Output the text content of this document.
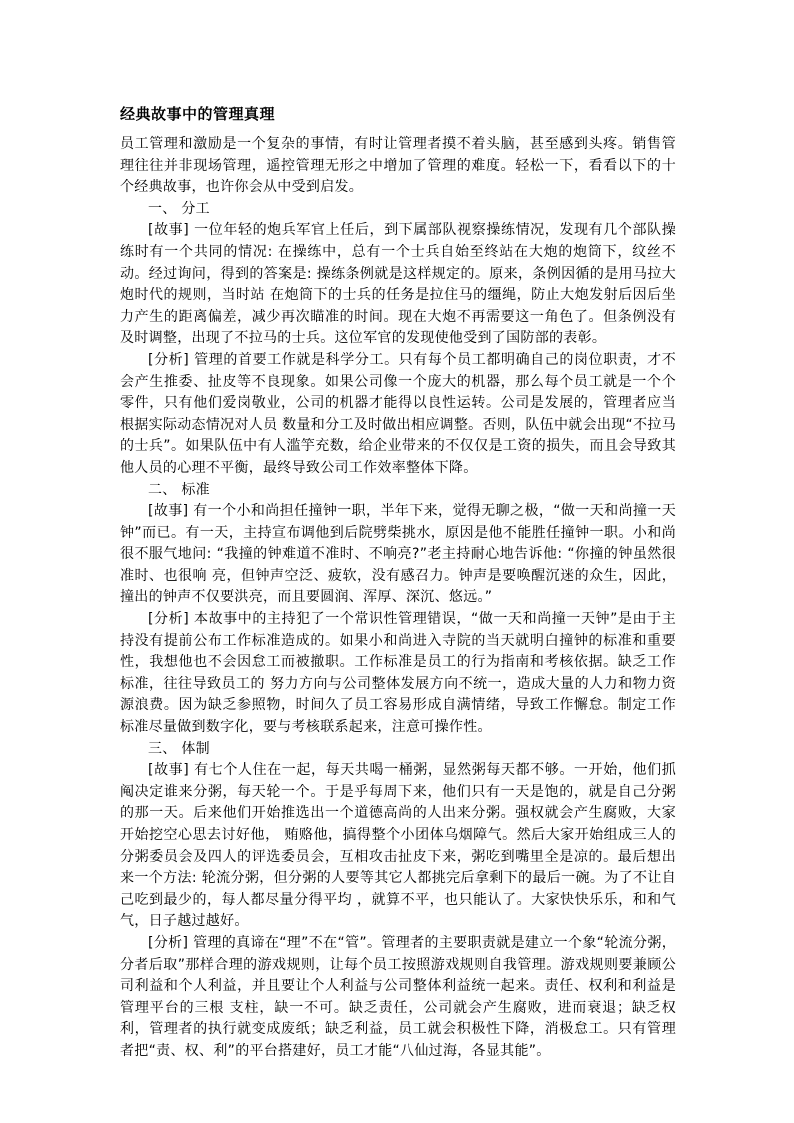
经典故事中的管理真理

员工管理和激励是一个复杂的事情，有时让管理者摸不着头脑，甚至感到头疼。销售管理往往并非现场管理，遥控管理无形之中增加了管理的难度。轻松一下，看看以下的十个经典故事，也许你会从中受到启发。

一、 分工

[故事] 一位年轻的炮兵军官上任后，到下属部队视察操练情况，发现有几个部队操练时有一个共同的情况: 在操练中，总有一个士兵自始至终站在大炮的炮筒下，纹丝不动。经过询问，得到的答案是: 操练条例就是这样规定的。原来，条例因循的是用马拉大炮时代的规则，当时站 在炮筒下的士兵的任务是拉住马的缰绳，防止大炮发射后因后坐力产生的距离偏差，减少再次瞄准的时间。现在大炮不再需要这一角色了。但条例没有及时调整，出现了不拉马的士兵。这位军官的发现使他受到了国防部的表彰。

[分析] 管理的首要工作就是科学分工。只有每个员工都明确自己的岗位职责，才不会产生推委、扯皮等不良现象。如果公司像一个庞大的机器，那么每个员工就是一个个零件，只有他们爱岗敬业，公司的机器才能得以良性运转。公司是发展的，管理者应当根据实际动态情况对人员 数量和分工及时做出相应调整。否则，队伍中就会出现“不拉马的士兵”。如果队伍中有人滥竽充数，给企业带来的不仅仅是工资的损失，而且会导致其他人员的心理不平衡，最终导致公司工作效率整体下降。

二、 标准

[故事] 有一个小和尚担任撞钟一职，半年下来，觉得无聊之极，“做一天和尚撞一天钟”而已。有一天，主持宣布调他到后院劈柴挑水，原因是他不能胜任撞钟一职。小和尚很不服气地问: “我撞的钟难道不准时、不响亮?”老主持耐心地告诉他: “你撞的钟虽然很准时、也很响 亮，但钟声空泛、疲软，没有感召力。钟声是要唤醒沉迷的众生，因此，撞出的钟声不仅要洪亮，而且要圆润、浑厚、深沉、悠远。”

[分析] 本故事中的主持犯了一个常识性管理错误，“做一天和尚撞一天钟”是由于主持没有提前公布工作标准造成的。如果小和尚进入寺院的当天就明白撞钟的标准和重要性，我想他也不会因怠工而被撤职。工作标准是员工的行为指南和考核依据。缺乏工作标准，往往导致员工的 努力方向与公司整体发展方向不统一，造成大量的人力和物力资源浪费。因为缺乏参照物，时间久了员工容易形成自满情绪，导致工作懈怠。制定工作标准尽量做到数字化，要与考核联系起来，注意可操作性。

三、 体制

[故事] 有七个人住在一起，每天共喝一桶粥，显然粥每天都不够。一开始，他们抓阄决定谁来分粥，每天轮一个。于是乎每周下来，他们只有一天是饱的，就是自己分粥的那一天。后来他们开始推选出一个道德高尚的人出来分粥。强权就会产生腐败，大家开始挖空心思去讨好他， 贿赂他，搞得整个小团体乌烟障气。然后大家开始组成三人的分粥委员会及四人的评选委员会，互相攻击扯皮下来，粥吃到嘴里全是凉的。最后想出来一个方法: 轮流分粥，但分粥的人要等其它人都挑完后拿剩下的最后一碗。为了不让自己吃到最少的，每人都尽量分得平均 ，就算不平，也只能认了。大家快快乐乐，和和气气，日子越过越好。

[分析] 管理的真谛在“理”不在“管”。管理者的主要职责就是建立一个象“轮流分粥，分者后取”那样合理的游戏规则，让每个员工按照游戏规则自我管理。游戏规则要兼顾公司利益和个人利益，并且要让个人利益与公司整体利益统一起来。责任、权利和利益是管理平台的三根 支柱，缺一不可。缺乏责任，公司就会产生腐败，进而衰退；缺乏权利，管理者的执行就变成废纸；缺乏利益，员工就会积极性下降，消极怠工。只有管理者把“责、权、利”的平台搭建好，员工才能“八仙过海，各显其能”。
